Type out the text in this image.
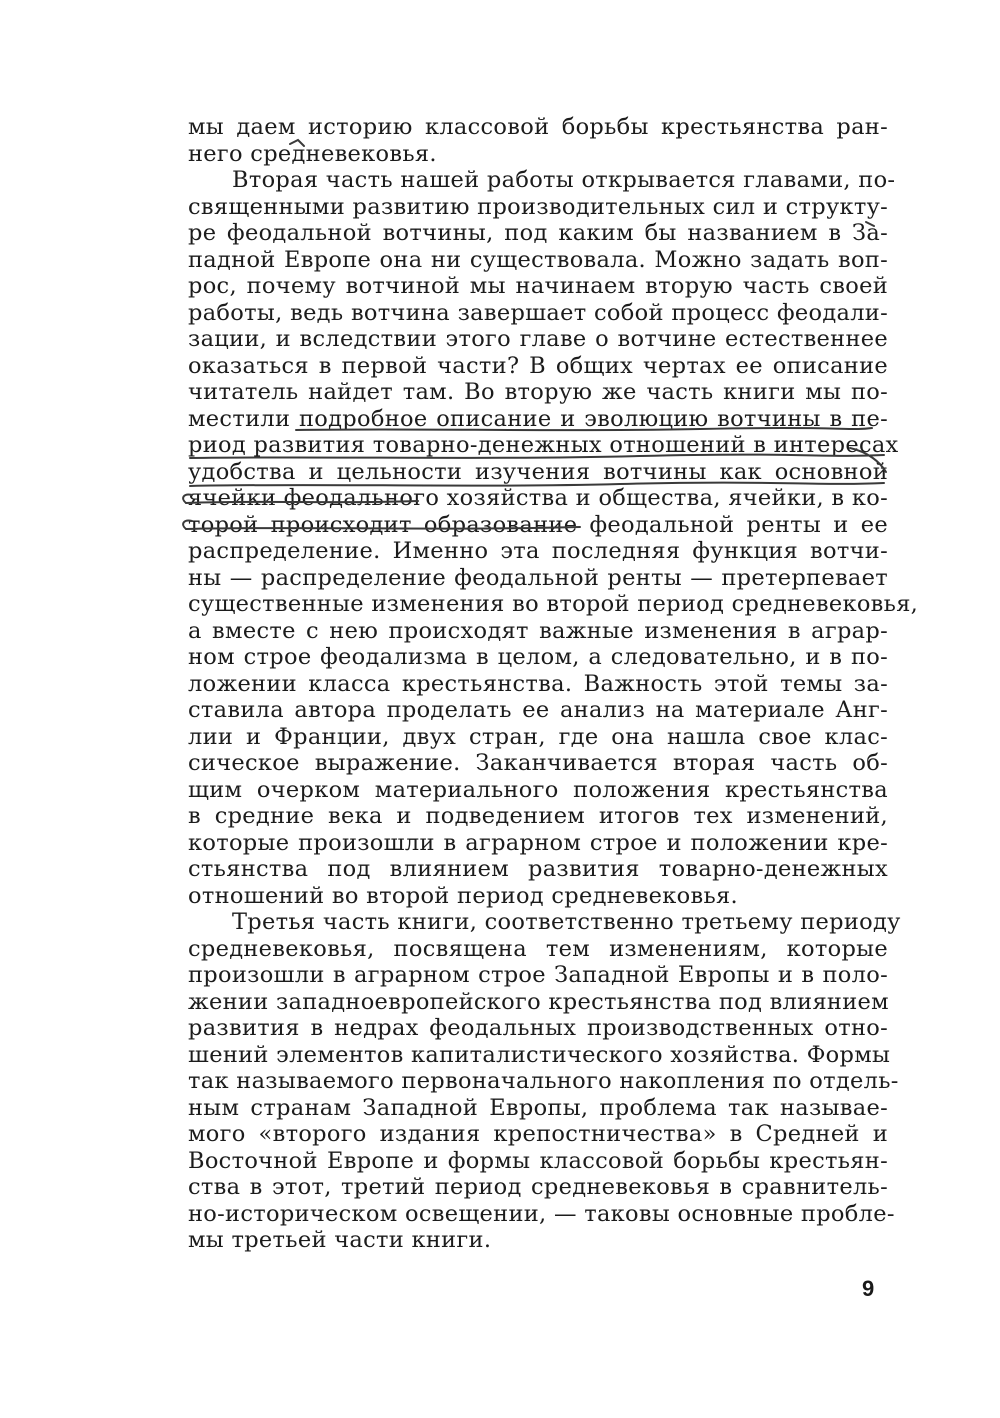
мы даем историю классовой борьбы крестьянства ран-
него средневековья.
Вторая часть нашей работы открывается главами, по-
священными развитию производительных сил и структу-
ре феодальной вотчины, под каким бы названием в За-
падной Европе она ни существовала. Можно задать воп-
рос, почему вотчиной мы начинаем вторую часть своей
работы, ведь вотчина завершает собой процесс феодали-
зации, и вследствии этого главе о вотчине естественнее
оказаться в первой части? В общих чертах ее описание
читатель найдет там. Во вторую же часть книги мы по-
местили подробное описание и эволюцию вотчины в пе-
риод развития товарно-денежных отношений в интересах
удобства и цельности изучения вотчины как основной
ячейки феодального хозяйства и общества, ячейки, в ко-
торой происходит образование феодальной ренты и ее
распределение. Именно эта последняя функция вотчи-
ны — распределение феодальной ренты — претерпевает
существенные изменения во второй период средневековья,
а вместе с нею происходят важные изменения в аграр-
ном строе феодализма в целом, а следовательно, и в по-
ложении класса крестьянства. Важность этой темы за-
ставила автора проделать ее анализ на материале Анг-
лии и Франции, двух стран, где она нашла свое клас-
сическое выражение. Заканчивается вторая часть об-
щим очерком материального положения крестьянства
в средние века и подведением итогов тех изменений,
которые произошли в аграрном строе и положении кре-
стьянства под влиянием развития товарно-денежных
отношений во второй период средневековья.
Третья часть книги, соответственно третьему периоду
средневековья, посвящена тем изменениям, которые
произошли в аграрном строе Западной Европы и в поло-
жении западноевропейского крестьянства под влиянием
развития в недрах феодальных производственных отно-
шений элементов капиталистического хозяйства. Формы
так называемого первоначального накопления по отдель-
ным странам Западной Европы, проблема так называе-
мого «второго издания крепостничества» в Средней и
Восточной Европе и формы классовой борьбы крестьян-
ства в этот, третий период средневековья в сравнитель-
но-историческом освещении, — таковы основные пробле-
мы третьей части книги.
9
